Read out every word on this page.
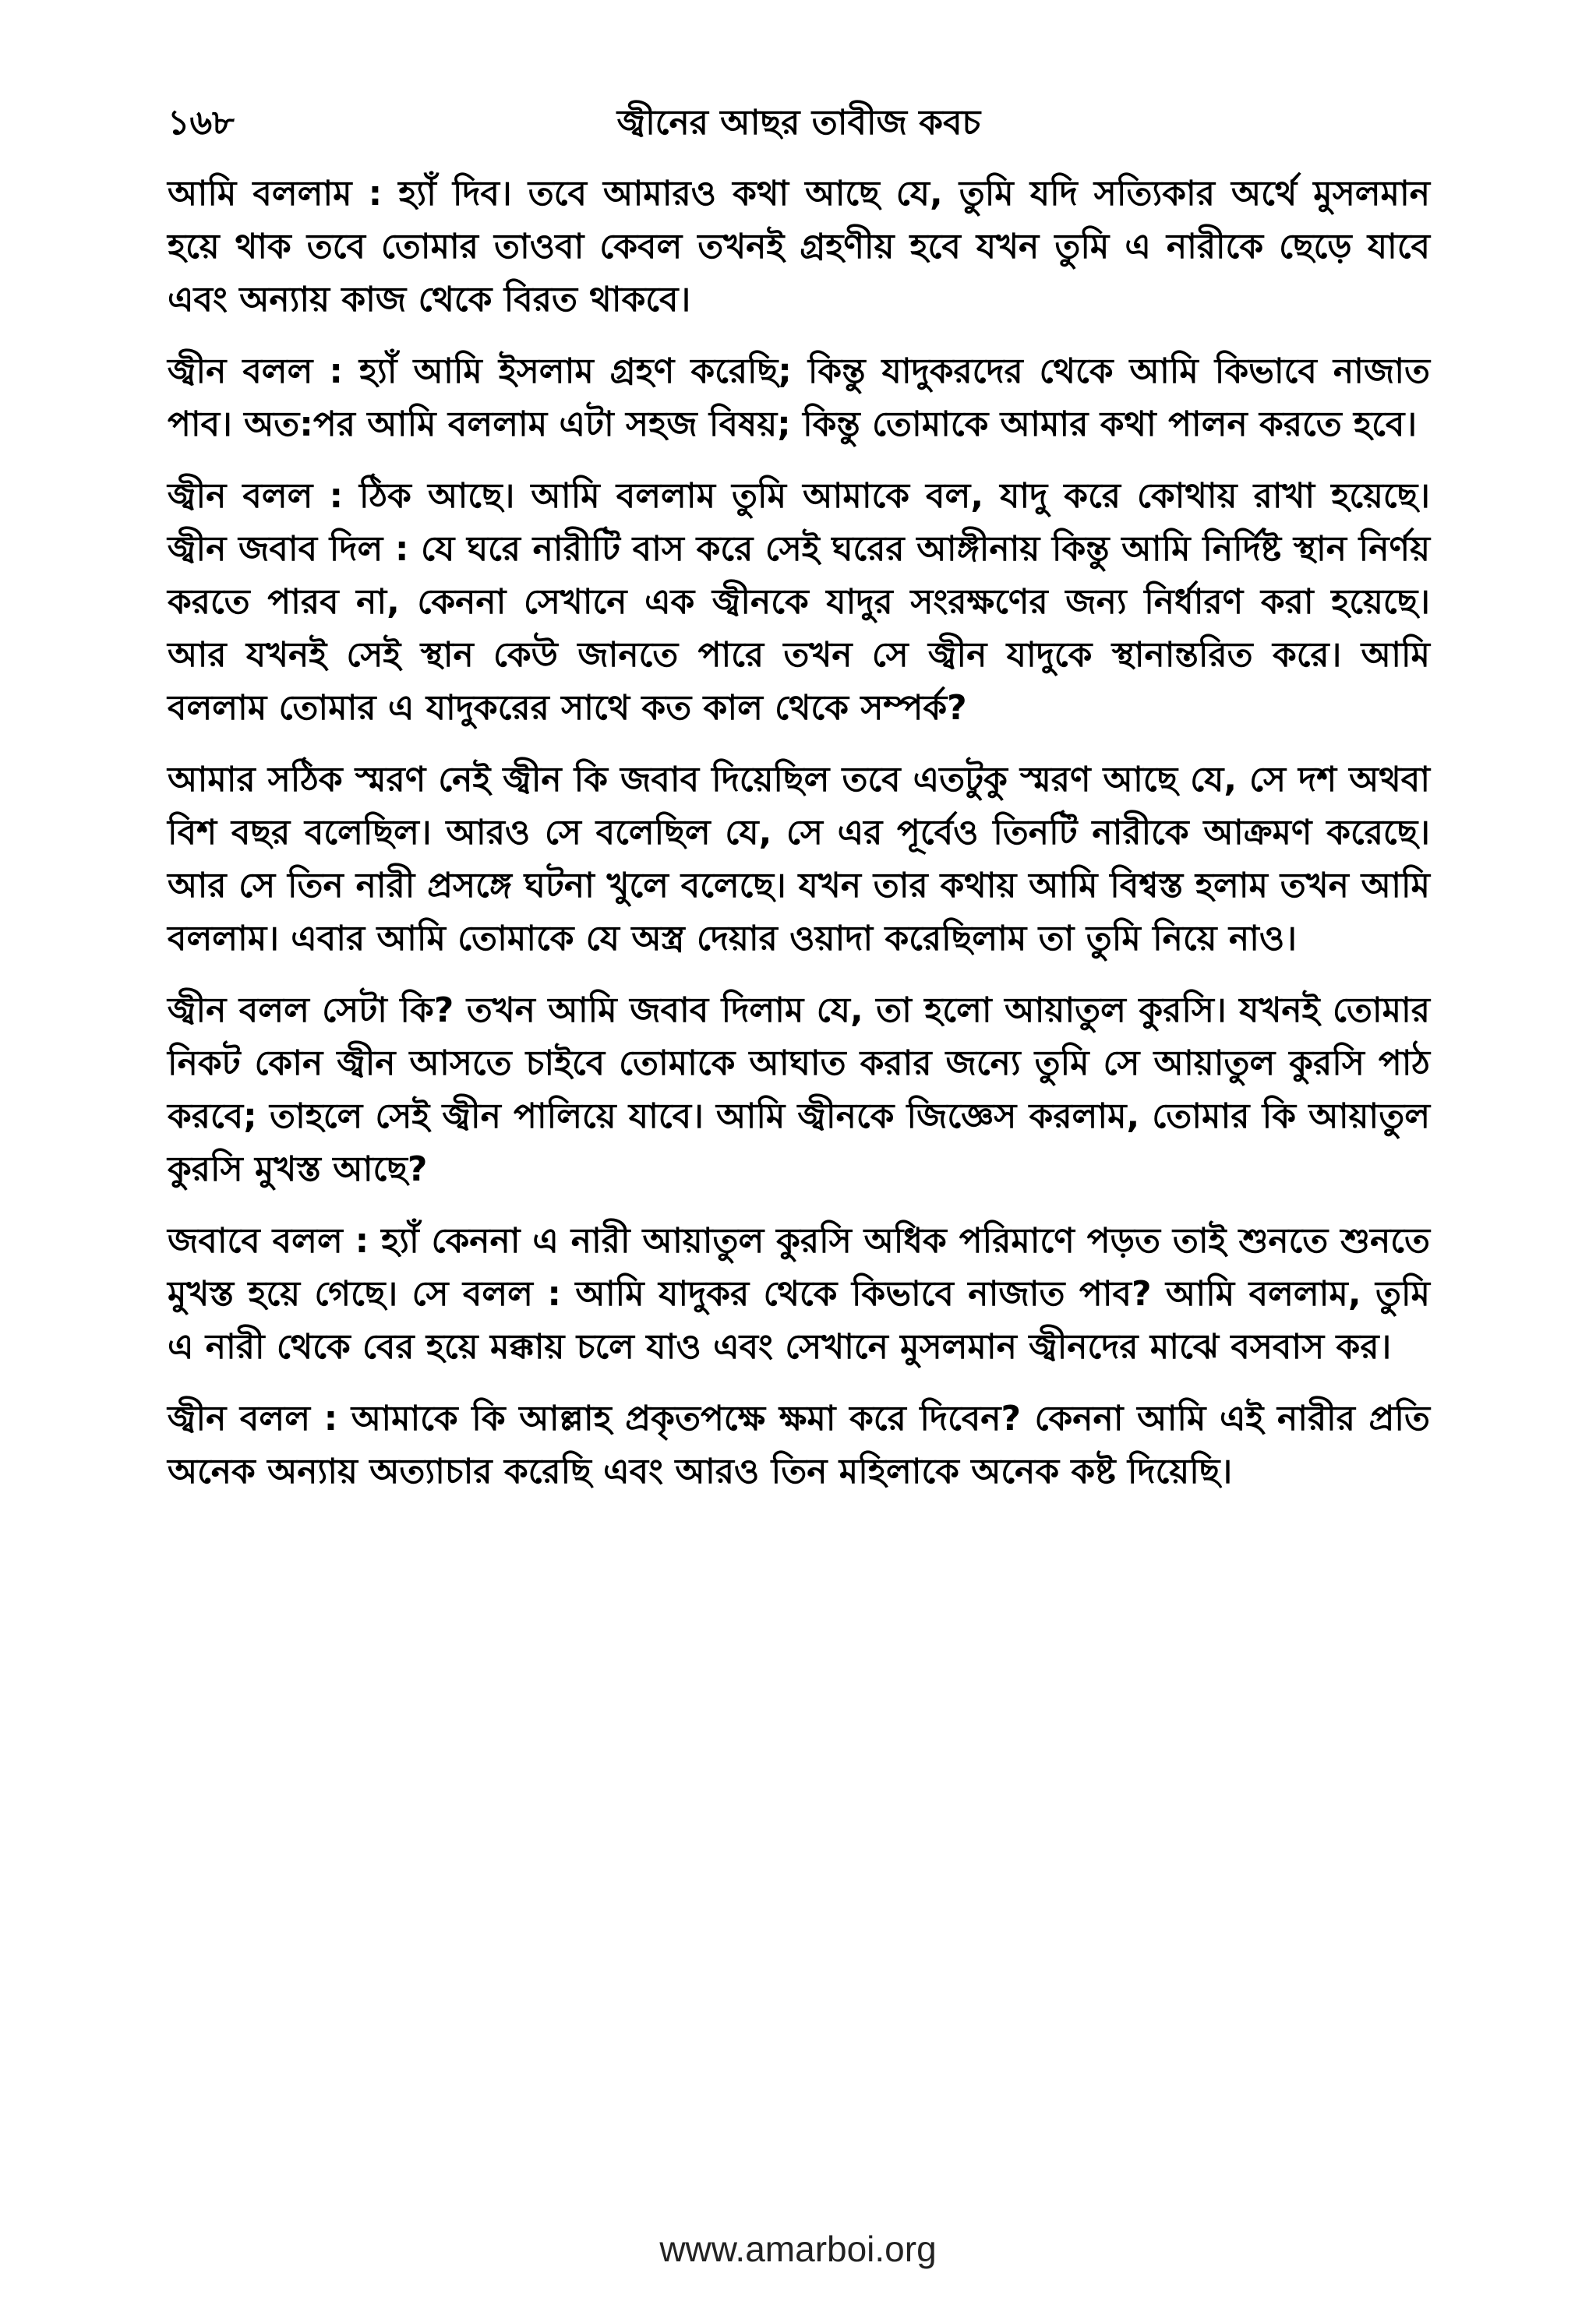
১৬৮	জ্বীনের আছর তাবীজ কবচ

আমি বললাম : হ্যাঁ দিব। তবে আমারও কথা আছে যে, তুমি যদি সত্যিকার অর্থে মুসলমান হয়ে থাক তবে তোমার তাওবা কেবল তখনই গ্রহণীয় হবে যখন তুমি এ নারীকে ছেড়ে যাবে এবং অন্যায় কাজ থেকে বিরত থাকবে।

জ্বীন বলল : হ্যাঁ আমি ইসলাম গ্রহণ করেছি; কিন্তু যাদুকরদের থেকে আমি কিভাবে নাজাত পাব। অত:পর আমি বললাম এটা সহজ বিষয়; কিন্তু তোমাকে আমার কথা পালন করতে হবে।

জ্বীন বলল : ঠিক আছে। আমি বললাম তুমি আমাকে বল, যাদু করে কোথায় রাখা হয়েছে। জ্বীন জবাব দিল : যে ঘরে নারীটি বাস করে সেই ঘরের আঙ্গীনায় কিন্তু আমি নির্দিষ্ট স্থান নির্ণয় করতে পারব না, কেননা সেখানে এক জ্বীনকে যাদুর সংরক্ষণের জন্য নির্ধারণ করা হয়েছে। আর যখনই সেই স্থান কেউ জানতে পারে তখন সে জ্বীন যাদুকে স্থানান্তরিত করে। আমি বললাম তোমার এ যাদুকরের সাথে কত কাল থেকে সম্পর্ক?

আমার সঠিক স্মরণ নেই জ্বীন কি জবাব দিয়েছিল তবে এতটুকু স্মরণ আছে যে, সে দশ অথবা বিশ বছর বলেছিল। আরও সে বলেছিল যে, সে এর পূর্বেও তিনটি নারীকে আক্রমণ করেছে। আর সে তিন নারী প্রসঙ্গে ঘটনা খুলে বলেছে। যখন তার কথায় আমি বিশ্বস্ত হলাম তখন আমি বললাম। এবার আমি তোমাকে যে অস্ত্র দেয়ার ওয়াদা করেছিলাম তা তুমি নিয়ে নাও।

জ্বীন বলল সেটা কি? তখন আমি জবাব দিলাম যে, তা হলো আয়াতুল কুরসি। যখনই তোমার নিকট কোন জ্বীন আসতে চাইবে তোমাকে আঘাত করার জন্যে তুমি সে আয়াতুল কুরসি পাঠ করবে; তাহলে সেই জ্বীন পালিয়ে যাবে। আমি জ্বীনকে জিজ্ঞেস করলাম, তোমার কি আয়াতুল কুরসি মুখস্ত আছে?

জবাবে বলল : হ্যাঁ কেননা এ নারী আয়াতুল কুরসি অধিক পরিমাণে পড়ত তাই শুনতে শুনতে মুখস্ত হয়ে গেছে। সে বলল : আমি যাদুকর থেকে কিভাবে নাজাত পাব? আমি বললাম, তুমি এ নারী থেকে বের হয়ে মক্কায় চলে যাও এবং সেখানে মুসলমান জ্বীনদের মাঝে বসবাস কর।

জ্বীন বলল : আমাকে কি আল্লাহ প্রকৃতপক্ষে ক্ষমা করে দিবেন? কেননা আমি এই নারীর প্রতি অনেক অন্যায় অত্যাচার করেছি এবং আরও তিন মহিলাকে অনেক কষ্ট দিয়েছি।

www.amarboi.org
